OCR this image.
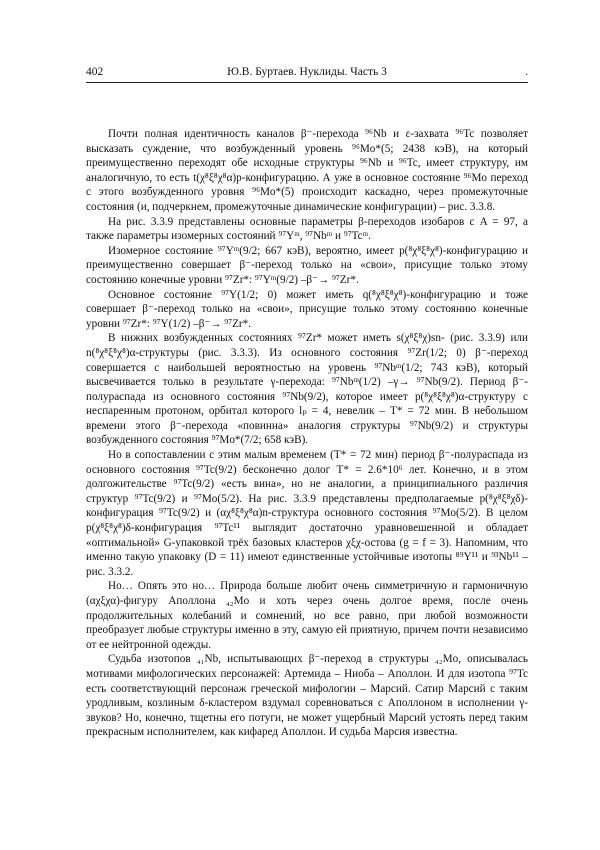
402	Ю.В. Буртаев. Нуклиды. Часть 3	.

Почти полная идентичность каналов β⁻-перехода ⁹⁶Nb и ε-захвата ⁹⁶Tc позволяет высказать суждение, что возбужденный уровень ⁹⁶Mo*(5; 2438 кэВ), на который преимущественно переходят обе исходные структуры ⁹⁶Nb и ⁹⁶Tc, имеет структуру, им аналогичную, то есть t(χ⁸ξ⁸χ⁸α)p-конфигурацию. А уже в основное состояние ⁹⁶Mo переход с этого возбужденного уровня ⁹⁶Mo*(5) происходит каскадно, через промежуточные состояния (и, подчеркнем, промежуточные динамические конфигурации) – рис. 3.3.8.

На рис. 3.3.9 представлены основные параметры β-переходов изобаров с A = 97, а также параметры изомерных состояний ⁹⁷Yᵐ, ⁹⁷Nbᵐ и ⁹⁷Tcᵐ.

Изомерное состояние ⁹⁷Yᵐ(9/2; 667 кэВ), вероятно, имеет p(⁸χ⁸ξ⁸χ⁸)-конфигурацию и преимущественно совершает β⁻-переход только на «свои», присущие только этому состоянию конечные уровни ⁹⁷Zr*: ⁹⁷Yᵐ(9/2) –β⁻→ ⁹⁷Zr*.

Основное состояние ⁹⁷Y(1/2; 0) может иметь q(⁸χ⁸ξ⁸χ⁸)-конфигурацию и тоже совершает β⁻-переход только на «свои», присущие только этому состоянию конечные уровни ⁹⁷Zr*: ⁹⁷Y(1/2) –β⁻→ ⁹⁷Zr*.

В нижних возбужденных состояниях ⁹⁷Zr* может иметь s(χ⁸ξ⁸χ)sn- (рис. 3.3.9) или n(⁸χ⁸ξ⁸χ⁸)α-структуры (рис. 3.3.3). Из основного состояния ⁹⁷Zr(1/2; 0) β⁻-переход совершается с наибольшей вероятностью на уровень ⁹⁷Nbᵐ(1/2; 743 кэВ), который высвечивается только в результате γ-перехода: ⁹⁷Nbᵐ(1/2) –γ→ ⁹⁷Nb(9/2). Период β⁻-полураспада из основного состояния ⁹⁷Nb(9/2), которое имеет p(⁸χ⁸ξ⁸χ⁸)α-структуру с неспаренным протоном, орбитал которого lₚ = 4, невелик – T* = 72 мин. В небольшом времени этого β⁻-перехода «повинна» аналогия структуры ⁹⁷Nb(9/2) и структуры возбужденного состояния ⁹⁷Mo*(7/2; 658 кэВ).

Но в сопоставлении с этим малым временем (T* = 72 мин) период β⁻-полураспада из основного состояния ⁹⁷Tc(9/2) бесконечно долог T* = 2.6*10⁶ лет. Конечно, и в этом долгожительстве ⁹⁷Tc(9/2) «есть вина», но не аналогии, а принципиального различия структур ⁹⁷Tc(9/2) и ⁹⁷Mo(5/2). На рис. 3.3.9 представлены предполагаемые p(⁸χ⁸ξ⁸χδ)-конфигурация ⁹⁷Tc(9/2) и (αχ⁸ξ⁸χ⁸α)n-структура основного состояния ⁹⁷Mo(5/2). В целом p(χ⁸ξ⁸χ⁸)δ-конфигурация ⁹⁷Tc¹¹ выглядит достаточно уравновешенной и обладает «оптимальной» G-упаковкой трёх базовых кластеров χξχ-остова (g = f = 3). Напомним, что именно такую упаковку (D = 11) имеют единственные устойчивые изотопы ⁸⁹Y¹¹ и ⁹³Nb¹¹ – рис. 3.3.2.

Но… Опять это но… Природа больше любит очень симметричную и гармоничную (αχξχα)-фигуру Аполлона ₄₂Mo и хоть через очень долгое время, после очень продолжительных колебаний и сомнений, но все равно, при любой возможности преобразует любые структуры именно в эту, самую ей приятную, причем почти независимо от ее нейтронной одежды.

Судьба изотопов ₄₁Nb, испытывающих β⁻-переход в структуры ₄₂Mo, описывалась мотивами мифологических персонажей: Артемида – Ниоба – Аполлон. И для изотопа ⁹⁷Tc есть соответствующий персонаж греческой мифологии – Марсий. Сатир Марсий с таким уродливым, козлиным δ-кластером вздумал соревноваться с Аполлоном в исполнении γ-звуков? Но, конечно, тщетны его потуги, не может ущербный Марсий устоять перед таким прекрасным исполнителем, как кифаред Аполлон. И судьба Марсия известна.
